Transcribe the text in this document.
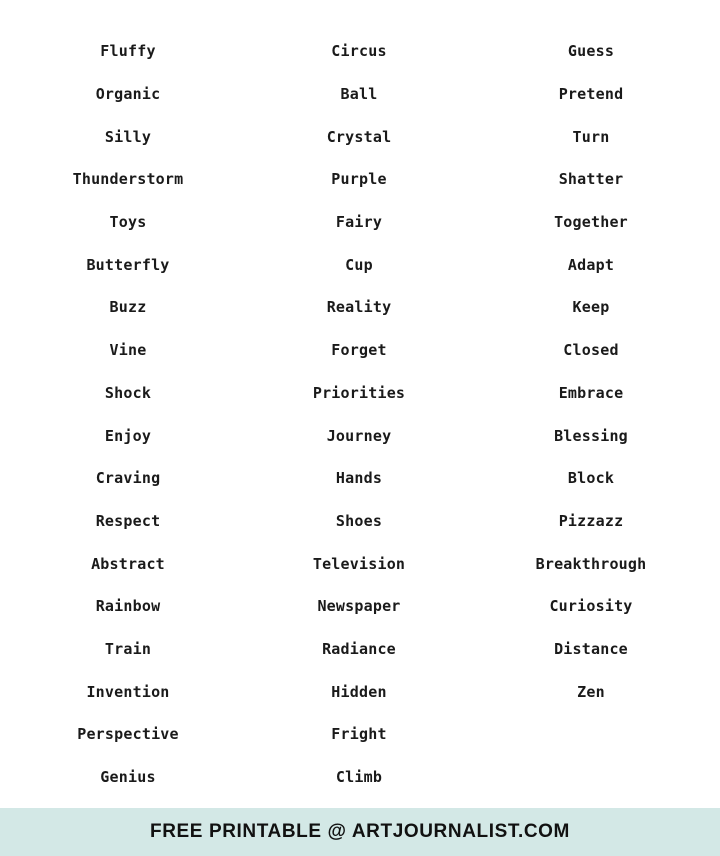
Fluffy
Organic
Silly
Thunderstorm
Toys
Butterfly
Buzz
Vine
Shock
Enjoy
Craving
Respect
Abstract
Rainbow
Train
Invention
Perspective
Genius
Circus
Ball
Crystal
Purple
Fairy
Cup
Reality
Forget
Priorities
Journey
Hands
Shoes
Television
Newspaper
Radiance
Hidden
Fright
Climb
Guess
Pretend
Turn
Shatter
Together
Adapt
Keep
Closed
Embrace
Blessing
Block
Pizzazz
Breakthrough
Curiosity
Distance
Zen
FREE PRINTABLE @ ARTJOURNALIST.COM
